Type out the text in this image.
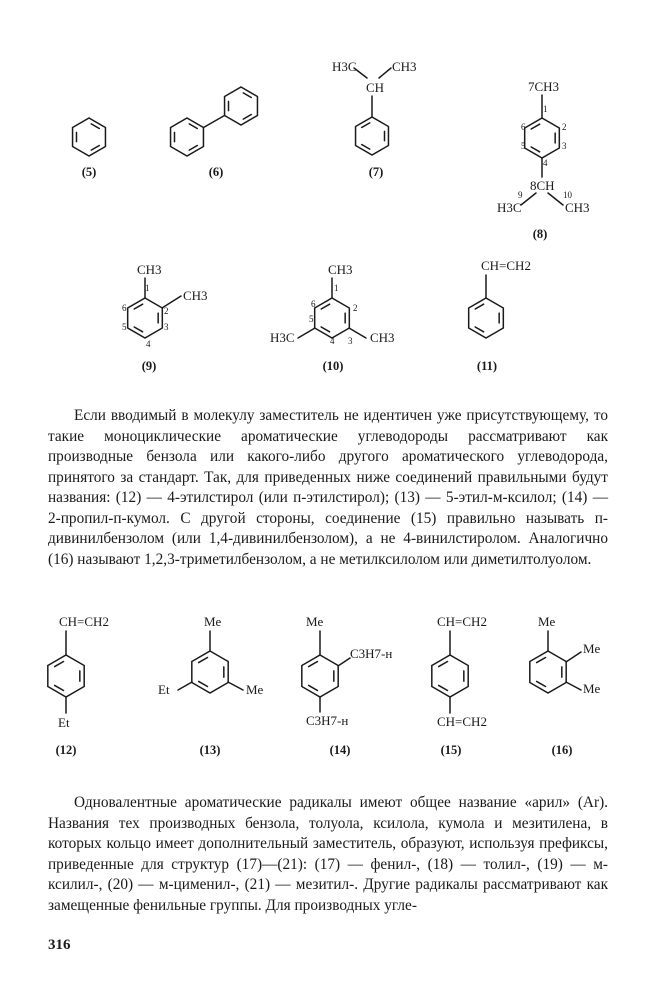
(5)	(6)
H3C	CH3
CH
(7)
7CH3
8CH
H3C	CH3
1
2
3
4
5
6
9	10
(8)
CH3
CH3
1
2
3
4
5
6
(9)
CH3
H3C	CH3
1
2
3
4
5
6
(10)
CH=CH2
(11)
CH=CH2
Et
(12)
Me
Et	Me
(13)
Me
C3H7-н
C3H7-н
(14)
CH=CH2
CH=CH2
(15)
Me
Me
Me
(16)

Если вводимый в молекулу заместитель не идентичен уже присутствующему, то такие моноциклические ароматические углеводороды рассматривают как производные бензола или какого-либо другого ароматического углеводорода, принятого за стандарт. Так, для приведенных ниже соединений правильными будут названия: (12) — 4-этилстирол (или п-этилстирол); (13) — 5-этил-м-ксилол; (14) — 2-пропил-п-кумол. С другой стороны, соединение (15) правильно называть п-дивинилбензолом (или 1,4-дивинилбензолом), а не 4-винилстиролом. Аналогично (16) называют 1,2,3-триметилбензолом, а не метилксилолом или диметилтолуолом.

Одновалентные ароматические радикалы имеют общее название «арил» (Ar). Названия тех производных бензола, толуола, ксилола, кумола и мезитилена, в которых кольцо имеет дополнительный заместитель, образуют, используя префиксы, приведенные для структур (17)—(21): (17) — фенил-, (18) — толил-, (19) — м-ксилил-, (20) — м-цименил-, (21) — мезитил-. Другие радикалы рассматривают как замещенные фенильные группы. Для производных угле-

316
